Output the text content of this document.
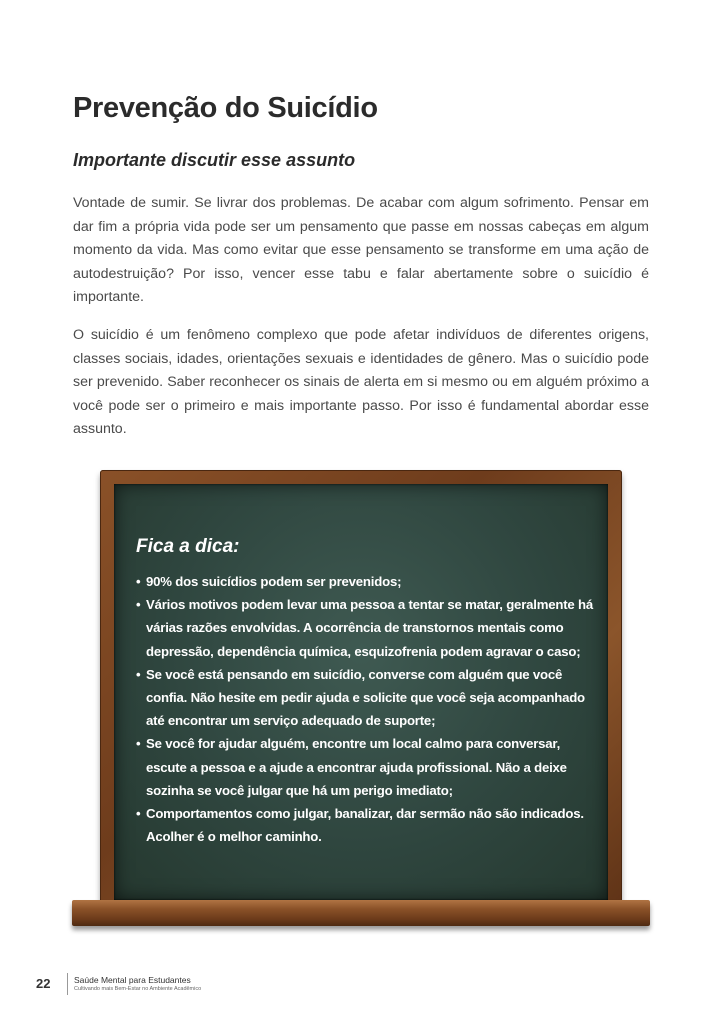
Prevenção do Suicídio
Importante discutir esse assunto

Vontade de sumir. Se livrar dos problemas. De acabar com algum sofrimento. Pensar em dar fim a própria vida pode ser um pensamento que passe em nossas cabeças em algum momento da vida. Mas como evitar que esse pensamento se transforme em uma ação de autodestruição? Por isso, vencer esse tabu e falar abertamente sobre o suicídio é importante.

O suicídio é um fenômeno complexo que pode afetar indivíduos de diferentes origens, classes sociais, idades, orientações sexuais e identidades de gênero. Mas o suicídio pode ser prevenido. Saber reconhecer os sinais de alerta em si mesmo ou em alguém próximo a você pode ser o primeiro e mais importante passo. Por isso é fundamental abordar esse assunto.

Fica a dica:
• 90% dos suicídios podem ser prevenidos;
• Vários motivos podem levar uma pessoa a tentar se matar, geralmente há várias razões envolvidas. A ocorrência de transtornos mentais como depressão, dependência química, esquizofrenia podem agravar o caso;
• Se você está pensando em suicídio, converse com alguém que você confia. Não hesite em pedir ajuda e solicite que você seja acompanhado até encontrar um serviço adequado de suporte;
• Se você for ajudar alguém, encontre um local calmo para conversar, escute a pessoa e a ajude a encontrar ajuda profissional. Não a deixe sozinha se você julgar que há um perigo imediato;
• Comportamentos como julgar, banalizar, dar sermão não são indicados. Acolher é o melhor caminho.
22	Saúde Mental para Estudantes
Cultivando mais Bem-Estar no Ambiente Acadêmico
